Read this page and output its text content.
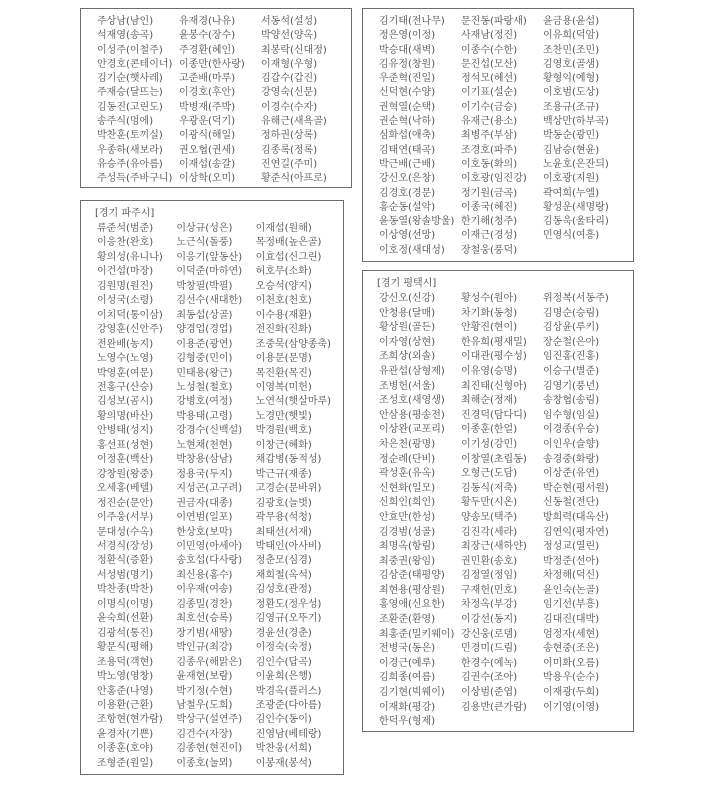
주상남(남인)
석재영(송곡)
이성주(이철주)
안경호(콘테이너)
김기순(햇사레)
주재승(달뜨는)
김동진(고린도)
송주식(멍에)
박찬훈(토끼실)
우종하(새보라)
유승주(유아름)
주성득(주바구니)
유재경(나유)
윤봉수(장수)
주경환(혜인)
이종만(한사랑)
고준배(마루)
이경호(후안)
박병재(주박)
우광운(덕기)
이광식(해일)
권오협(권세)
이재섭(송갈)
이상학(오미)
서동석(설성)
박양선(양옥)
최봉락(신대정)
이재형(우형)
김갑수(갑진)
강영숙(신문)
이경수(수자)
유해근(새욕골)
정하권(상록)
김종록(정록)
진연길(주미)
황준식(아프로)
김기태(전나무)
정은영(이정)
박승대(새벽)
김유정(창원)
우준혁(진일)
신덕현(수양)
권혁열(순택)
권순혁(낙하)
심화섭(애축)
김태연(태곡)
박근배(근배)
강신오(은창)
김경호(경문)
홍순동(설악)
윤동열(왕솔방울)
이상영(선망)
이호정(새대성)
문진동(파랑새)
사재남(정진)
이종수(수한)
문진섭(모산)
정석모(혜선)
이기표(설순)
이기수(금승)
유재근(용소)
최병주(부삼)
조경호(파주)
이호동(화의)
이호광(임진강)
정기원(금곡)
이종국(혜진)
한기해(청주)
이재근(경성)
장철웅(풍덕)
윤금용(윤섭)
이유희(덕암)
조찬민(조민)
김영호(골샘)
황형익(예형)
이호범(도상)
조용규(조규)
백상만(하부곡)
박동순(광민)
김남승(현윤)
노윤호(은잔듸)
이호광(지원)
곽여희(누엘)
황성운(새명랑)
김동욱(울타리)
민영식(여흥)
[경기 파주시]
류준석(범준)
이응찬(완호)
황의성(유니나)
이건섭(마장)
김원명(원진)
이성국(소령)
이치덕(통이삼)
강영훈(신안주)
전완배(농지)
노영수(노영)
박영훈(여문)
전홍구(산승)
김성보(곰시)
황의명(바산)
안병태(성지)
홍선표(성현)
이정훈(백산)
강창원(왕중)
오세홍(베텔)
정진순(문안)
이주웅(서부)
문대성(수옥)
서경식(장성)
정환식(증환)
서성범(명기)
박찬종(박찬)
이명식(이명)
윤숙희(선환)
김광석(통진)
황문식(평해)
조용덕(객현)
박노영(영창)
안홍준(나영)
이용환(근환)
조항현(현가람)
윤경자(기쁜)
이종훈(호야)
조형준(원일)
이상규(성은)
노근식(돌풍)
이응기(앞동산)
이덕준(마하연)
박창필(박필)
김선수(새대한)
최동섭(상골)
양경업(경업)
이용준(광연)
김형중(민이)
민태용(왕근)
노성철(철호)
강병호(여정)
박용태(고령)
강경수(신백설)
노현채(천현)
박창용(삼남)
정용국(두지)
지성곤(고구려)
권금자(대종)
이연범(일포)
한상호(보막)
이민영(아세아)
송호섭(다사랑)
최신용(홍수)
이우재(여송)
김종밀(경찬)
최호선(승록)
장기범(새땅)
박인규(최강)
김종우(해맑은)
윤재현(보람)
박기정(수현)
남철우(도희)
박상구(설연주)
김건수(자장)
김종현(현진이)
이종호(눌뫼)
이재섭(원해)
목정배(높은골)
이효섭(신그린)
허호무(소화)
오승석(양지)
이천호(천호)
이수용(재환)
전진화(진화)
조중묵(삼양종축)
이용문(문명)
목진환(목진)
이영복(미헌)
노연석(햇살마루)
노경만(햇빛)
박경원(백호)
이창근(혜화)
채갑병(동적성)
박근규(재종)
고경순(문바위)
김광호(늘벗)
곽무용(석청)
최태선(서재)
박태인(아사비)
정춘모(심경)
채희철(옥석)
김성호(관정)
정환도(정우성)
김영규(오뚜기)
경윤선(경춘)
이정숙(숙정)
김인수(답곡)
이윤희(은행)
박경옥(플러스)
조광준(다아름)
김인수(동이)
진영남(베테랑)
박찬웅(서희)
이봉재(봉석)
[경기 평택시]
강신오(신강)
안청용(달매)
황상원(골든)
이자영(상현)
조희상(외솔)
유관섭(삼형제)
조병헌(서울)
조성호(새영생)
안삼용(평송전)
이상완(교포리)
차은천(광명)
정순례(단비)
곽성훈(유옥)
신현화(일모)
신희인(희인)
안효만(한성)
김경범(성골)
최명옥(항림)
최중권(왕임)
김상준(태평양)
최현용(평상원)
홍영애(신요한)
조환준(환영)
최홍준(밀키웨이)
전병국(동은)
이경근(예루)
김희종(여름)
김기현(빅웨이)
이재화(평강)
한덕우(형제)
황성수(원아)
차기화(동청)
안황진(현이)
한유희(평새밀)
이대관(평수성)
이유영(승명)
최진태(신형아)
최해순(정재)
진경덕(담다디)
이종훈(한얼)
이기성(강민)
이창열(초립동)
오형근(도담)
김동식(저축)
황두만(시온)
양송모(택주)
김진각(세라)
최장근(새하얀)
권민환(송호)
김정열(정임)
구재헌(민호)
차정옥(부강)
이강선(동지)
강신웅(로뎀)
민경미(드림)
한경수(예녹)
김권수(조아)
이상범(준엽)
김용반(큰가람)
위정복(서동주)
김명순(승림)
김상윤(루키)
장순철(은아)
임진홍(진홍)
이승구(별준)
김영기(풍년)
송창협(송림)
임수형(임실)
이경종(우승)
이인우(슬향)
송경중(화랑)
이상준(유연)
박순현(평서원)
신동철(전단)
방희력(대옥산)
김연익(평자연)
정성교(열린)
박정준(선아)
차정해(덕신)
윤인숙(논골)
임기선(부흥)
김대진(대박)
엄정자(세현)
송현중(조은)
이미화(오름)
박용우(순수)
이재광(두희)
이기영(이영)
